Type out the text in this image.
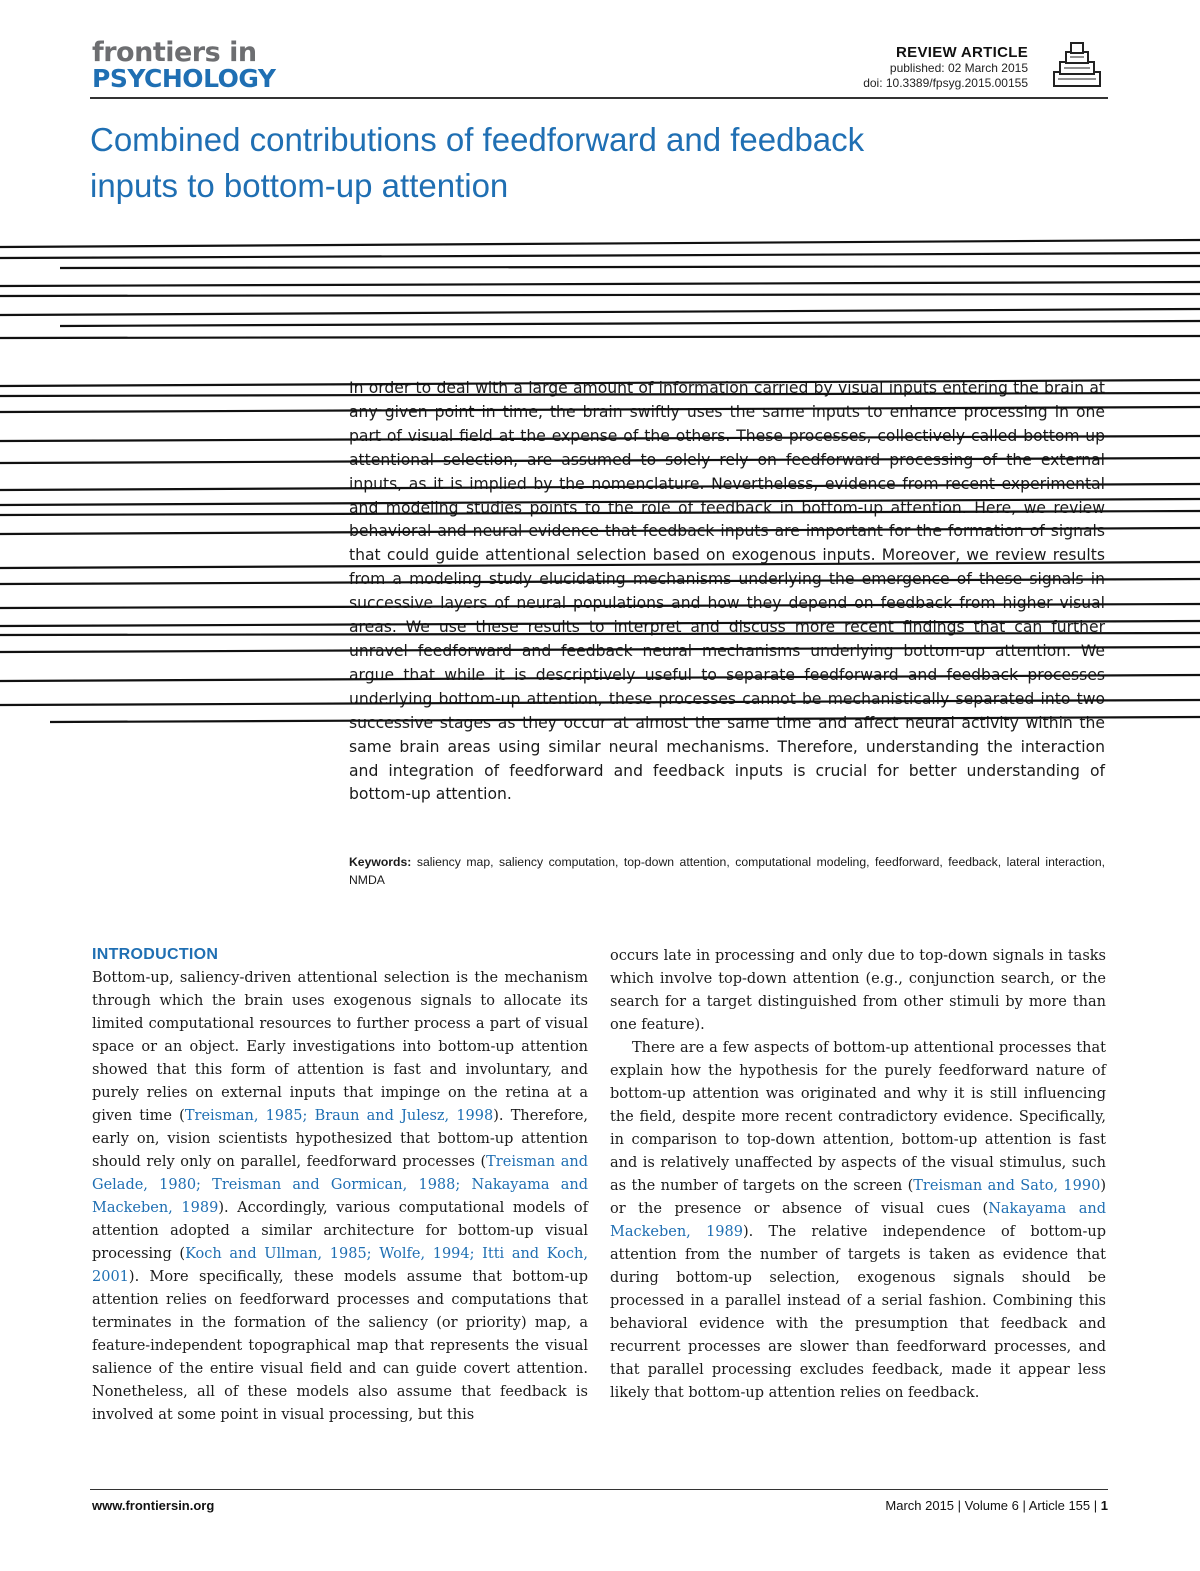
frontiers in
PSYCHOLOGY
REVIEW ARTICLE
published: 02 March 2015
doi: 10.3389/fpsyg.2015.00155
Combined contributions of feedforward and feedback
inputs to bottom-up attention
In order to deal with a large amount of information carried by visual inputs entering the brain at any given point in time, the brain swiftly uses the same inputs to enhance processing in one part of visual field at the expense of the others. These processes, collectively called bottom-up attentional selection, are assumed to solely rely on feedforward processing of the external inputs, as it is implied by the nomenclature. Nevertheless, evidence from recent experimental and modeling studies points to the role of feedback in bottom-up attention. Here, we review behavioral and neural evidence that feedback inputs are important for the formation of signals that could guide attentional selection based on exogenous inputs. Moreover, we review results from a modeling study elucidating mechanisms underlying the emergence of these signals in successive layers of neural populations and how they depend on feedback from higher visual areas. We use these results to interpret and discuss more recent findings that can further unravel feedforward and feedback neural mechanisms underlying bottom-up attention. We argue that while it is descriptively useful to separate feedforward and feedback processes underlying bottom-up attention, these processes cannot be mechanistically separated into two successive stages as they occur at almost the same time and affect neural activity within the same brain areas using similar neural mechanisms. Therefore, understanding the interaction and integration of feedforward and feedback inputs is crucial for better understanding of bottom-up attention.
Keywords: saliency map, saliency computation, top-down attention, computational modeling, feedforward, feedback, lateral interaction, NMDA
INTRODUCTION

Bottom-up, saliency-driven attentional selection is the mechanism through which the brain uses exogenous signals to allocate its limited computational resources to further process a part of visual space or an object. Early investigations into bottom-up attention showed that this form of attention is fast and involuntary, and purely relies on external inputs that impinge on the retina at a given time (Treisman, 1985; Braun and Julesz, 1998). Therefore, early on, vision scientists hypothesized that bottom-up attention should rely only on parallel, feedforward processes (Treisman and Gelade, 1980; Treisman and Gormican, 1988; Nakayama and Mackeben, 1989). Accordingly, various computational models of attention adopted a similar architecture for bottom-up visual processing (Koch and Ullman, 1985; Wolfe, 1994; Itti and Koch, 2001). More specifically, these models assume that bottom-up attention relies on feedforward processes and computations that terminates in the formation of the saliency (or priority) map, a feature-independent topographical map that represents the visual salience of the entire visual field and can guide covert attention. Nonetheless, all of these models also assume that feedback is involved at some point in visual processing, but this

occurs late in processing and only due to top-down signals in tasks which involve top-down attention (e.g., conjunction search, or the search for a target distinguished from other stimuli by more than one feature).

There are a few aspects of bottom-up attentional processes that explain how the hypothesis for the purely feedforward nature of bottom-up attention was originated and why it is still influencing the field, despite more recent contradictory evidence. Specifically, in comparison to top-down attention, bottom-up attention is fast and is relatively unaffected by aspects of the visual stimulus, such as the number of targets on the screen (Treisman and Sato, 1990) or the presence or absence of visual cues (Nakayama and Mackeben, 1989). The relative independence of bottom-up attention from the number of targets is taken as evidence that during bottom-up selection, exogenous signals should be processed in a parallel instead of a serial fashion. Combining this behavioral evidence with the presumption that feedback and recurrent processes are slower than feedforward processes, and that parallel processing excludes feedback, made it appear less likely that bottom-up attention relies on feedback.

www.frontiersin.org	March 2015 | Volume 6 | Article 155 | 1
